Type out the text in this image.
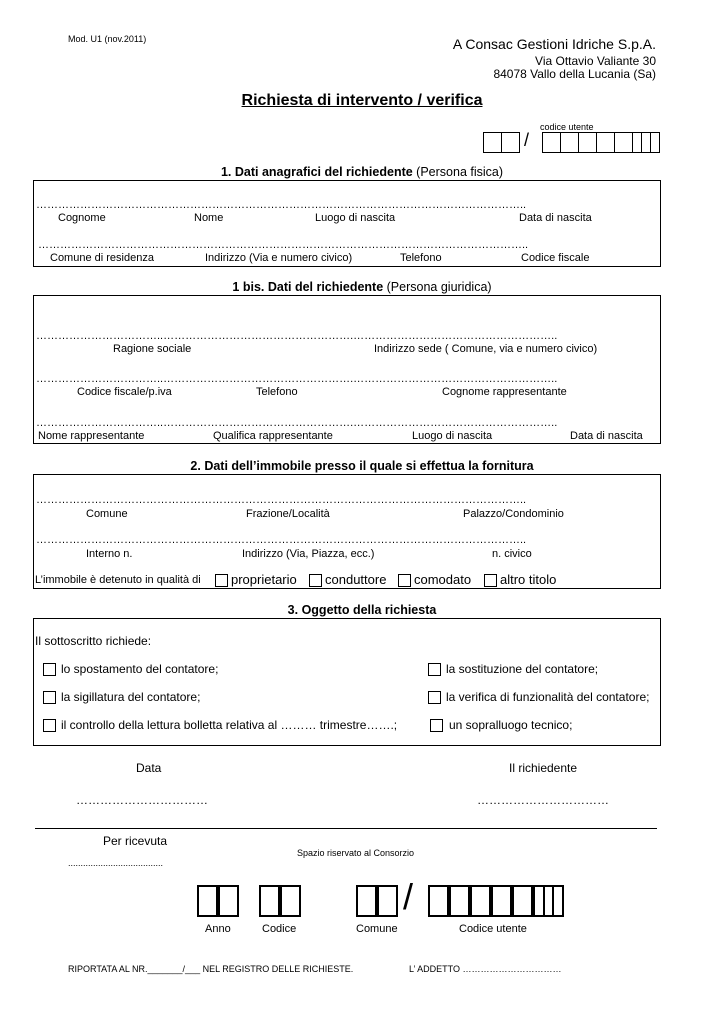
Mod. U1 (nov.2011)	A Consac Gestioni Idriche S.p.A.
Via Ottavio Valiante 30
84078 Vallo della Lucania (Sa)
Richiesta di intervento / verifica
codice utente
/
1. Dati anagrafici del richiedente (Persona fisica)
……………………………………………………………………………………………………………………..
Cognome	Nome	Luogo di nascita	Data di nascita
……………………………………………………………………………………………………………………..
Comune di residenza	Indirizzo (Via e numero civico)	Telefono	Codice fiscale
1 bis. Dati del richiedente (Persona giuridica)
……………………………..…………………………………………….………………………………………………..
Ragione sociale	Indirizzo sede ( Comune, via e numero civico)
……………………………..…………………………………………….………………………………………………..
Codice fiscale/p.iva	Telefono	Cognome rappresentante
……………………………..…………………………………………….………………………………………………..
Nome rappresentante	Qualifica rappresentante	Luogo di nascita	Data di nascita
2. Dati dell’immobile presso il quale si effettua la fornitura
……………………………………………………………………………………………………………………..
Comune	Frazione/Località	Palazzo/Condominio
……………………………………………………………………………………………………………………..
Interno n.	Indirizzo (Via, Piazza, ecc.)	n. civico
L’immobile è detenuto in qualità di proprietario conduttore comodato altro titolo
3. Oggetto della richiesta
Il sottoscritto richiede:
lo spostamento del contatore;
la sigillatura del contatore;
il controllo della lettura bolletta relativa al ……… trimestre…….;
la sostituzione del contatore;
la verifica di funzionalità del contatore;
un sopralluogo tecnico;
Data	Il richiedente
……………………………	……………………………
Per ricevuta
Spazio riservato al Consorzio
......................................
/
Anno	Codice	Comune	Codice utente
RIPORTATA AL NR._______/___ NEL REGISTRO DELLE RICHIESTE.	L’ ADDETTO ……………………………
